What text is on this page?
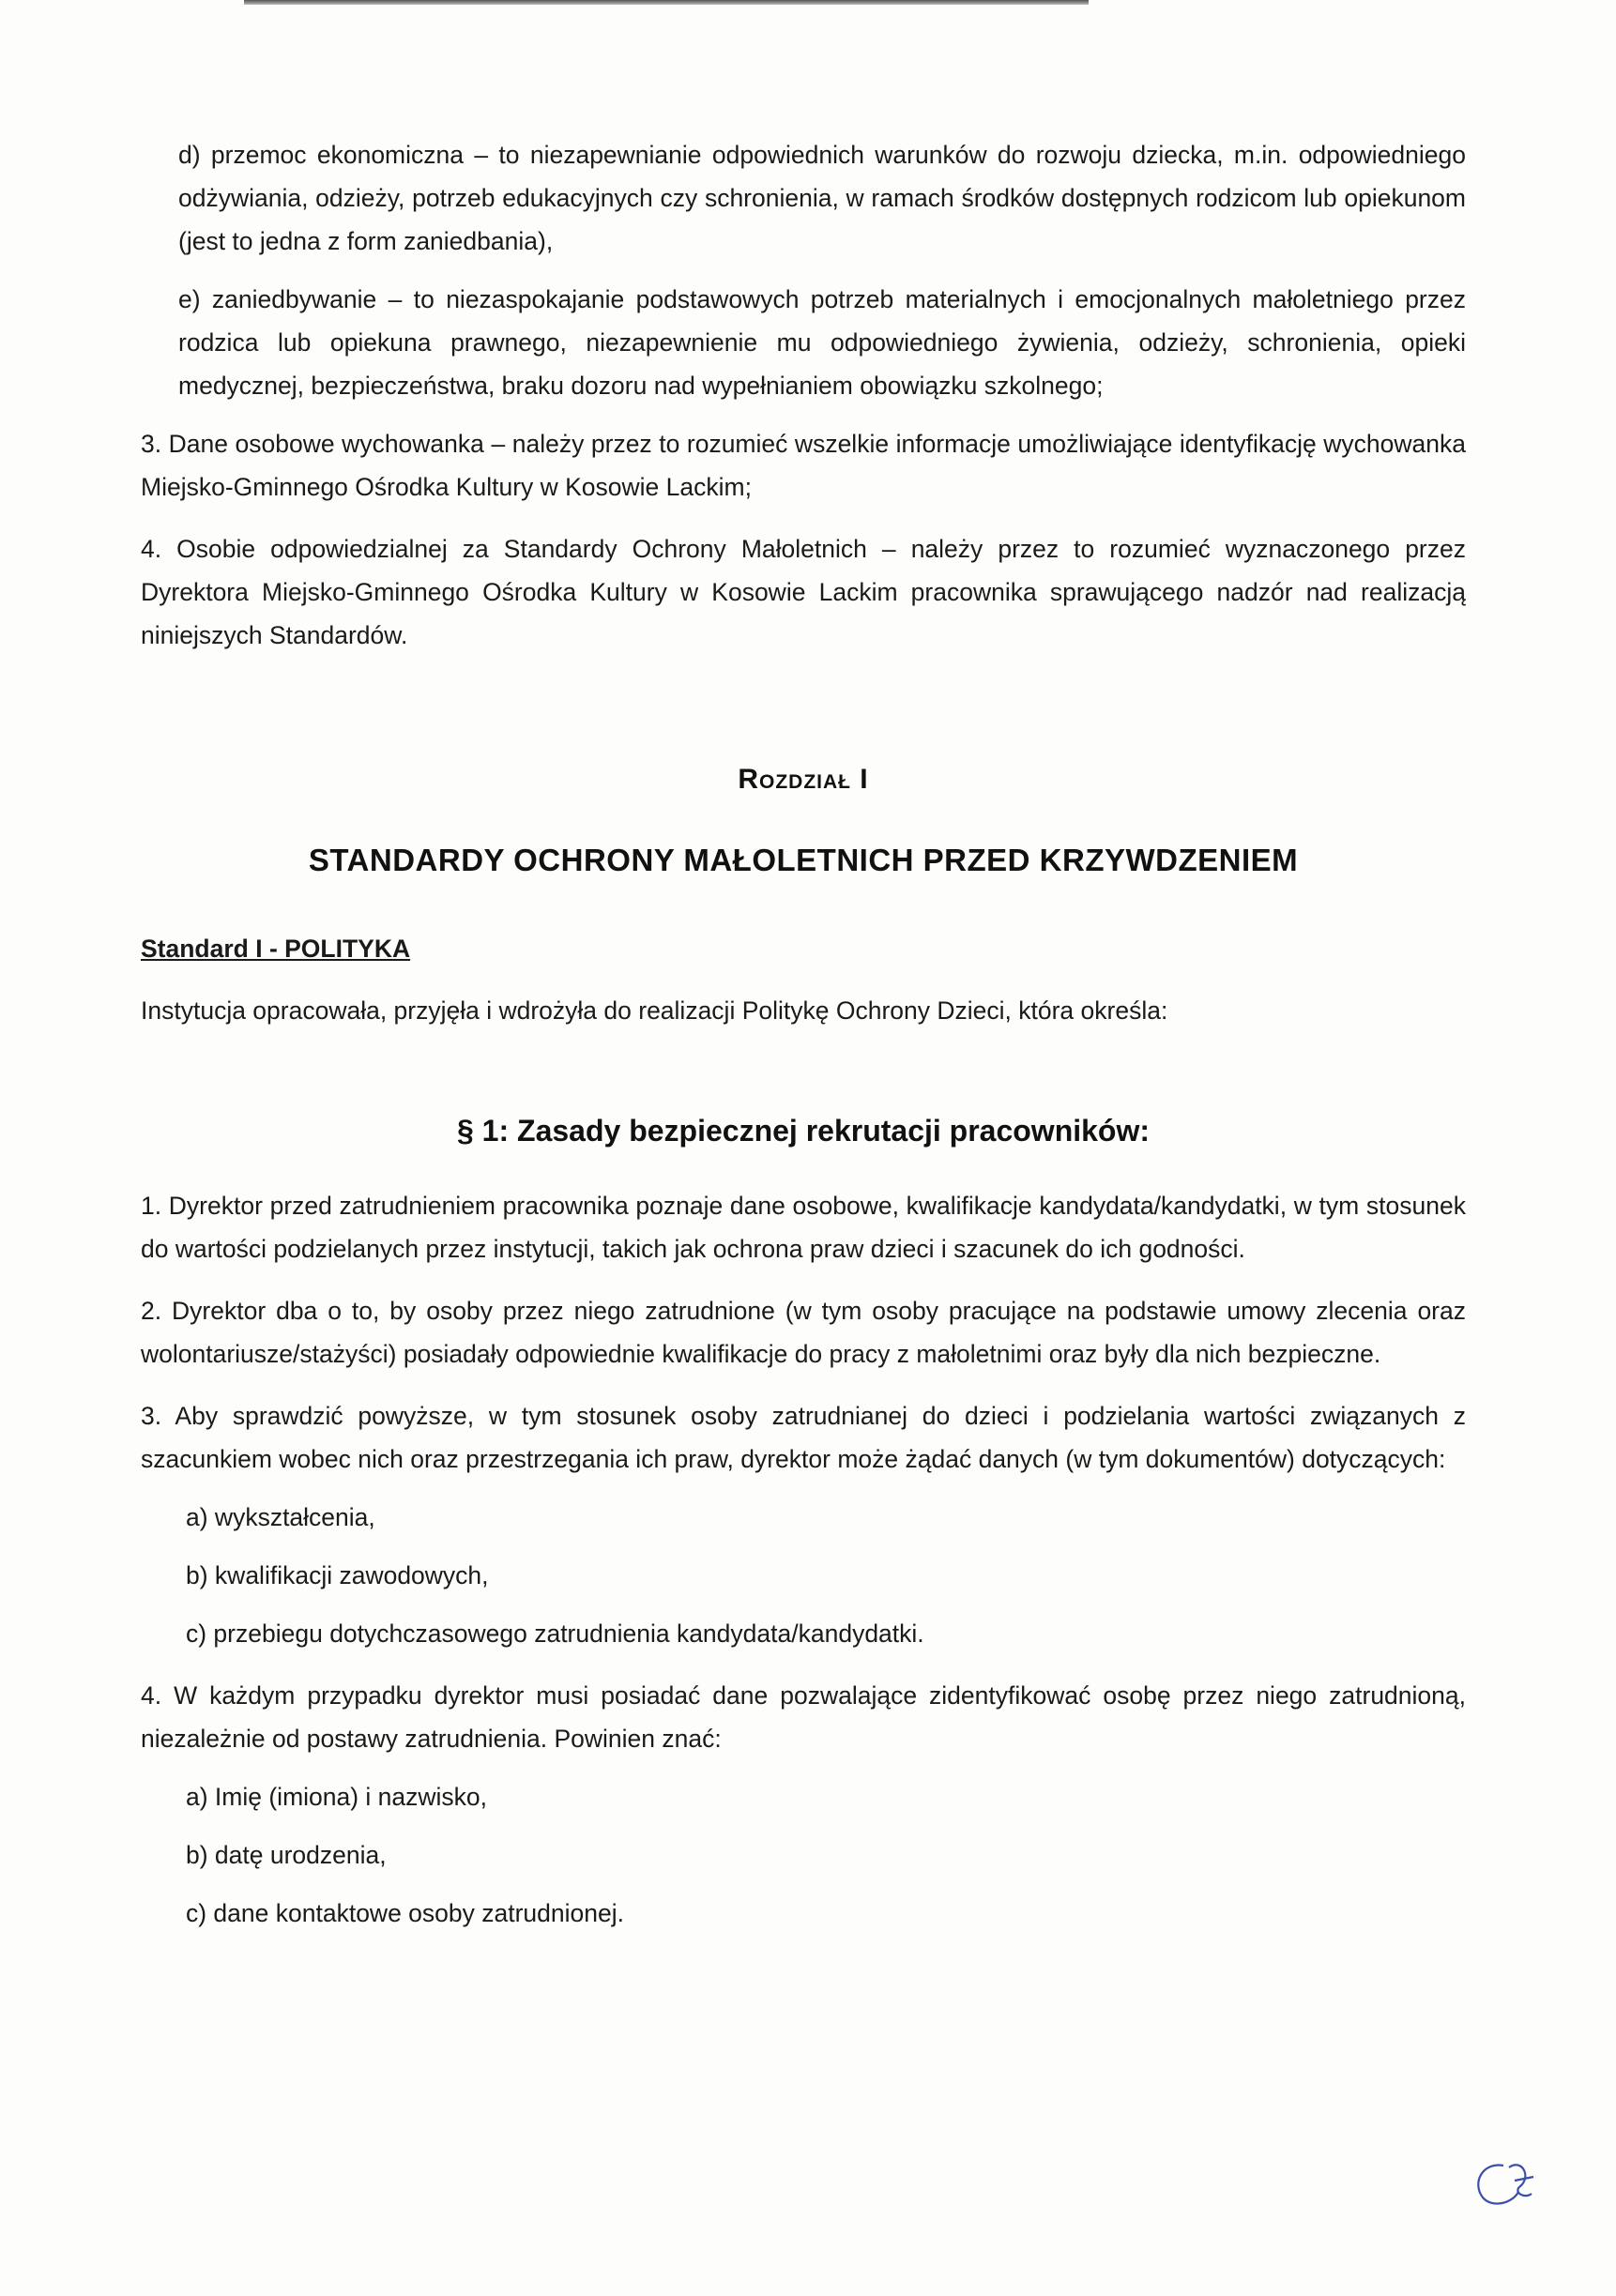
d) przemoc ekonomiczna – to niezapewnianie odpowiednich warunków do rozwoju dziecka, m.in. odpowiedniego odżywiania, odzieży, potrzeb edukacyjnych czy schronienia, w ramach środków dostępnych rodzicom lub opiekunom (jest to jedna z form zaniedbania),

e) zaniedbywanie – to niezaspokajanie podstawowych potrzeb materialnych i emocjonalnych małoletniego przez rodzica lub opiekuna prawnego, niezapewnienie mu odpowiedniego żywienia, odzieży, schronienia, opieki medycznej, bezpieczeństwa, braku dozoru nad wypełnianiem obowiązku szkolnego;

3. Dane osobowe wychowanka – należy przez to rozumieć wszelkie informacje umożliwiające identyfikację wychowanka Miejsko-Gminnego Ośrodka Kultury w Kosowie Lackim;

4. Osobie odpowiedzialnej za Standardy Ochrony Małoletnich – należy przez to rozumieć wyznaczonego przez Dyrektora Miejsko-Gminnego Ośrodka Kultury w Kosowie Lackim pracownika sprawującego nadzór nad realizacją niniejszych Standardów.

Rozdział I
STANDARDY OCHRONY MAŁOLETNICH PRZED KRZYWDZENIEM
Standard I - POLITYKA

Instytucja opracowała, przyjęła i wdrożyła do realizacji Politykę Ochrony Dzieci, która określa:

§ 1: Zasady bezpiecznej rekrutacji pracowników:

1. Dyrektor przed zatrudnieniem pracownika poznaje dane osobowe, kwalifikacje kandydata/kandydatki, w tym stosunek do wartości podzielanych przez instytucji, takich jak ochrona praw dzieci i szacunek do ich godności.

2. Dyrektor dba o to, by osoby przez niego zatrudnione (w tym osoby pracujące na podstawie umowy zlecenia oraz wolontariusze/stażyści) posiadały odpowiednie kwalifikacje do pracy z małoletnimi oraz były dla nich bezpieczne.

3. Aby sprawdzić powyższe, w tym stosunek osoby zatrudnianej do dzieci i podzielania wartości związanych z szacunkiem wobec nich oraz przestrzegania ich praw, dyrektor może żądać danych (w tym dokumentów) dotyczących:

a) wykształcenia,

b) kwalifikacji zawodowych,

c) przebiegu dotychczasowego zatrudnienia kandydata/kandydatki.

4. W każdym przypadku dyrektor musi posiadać dane pozwalające zidentyfikować osobę przez niego zatrudnioną, niezależnie od postawy zatrudnienia. Powinien znać:

a) Imię (imiona) i nazwisko,

b) datę urodzenia,

c) dane kontaktowe osoby zatrudnionej.
